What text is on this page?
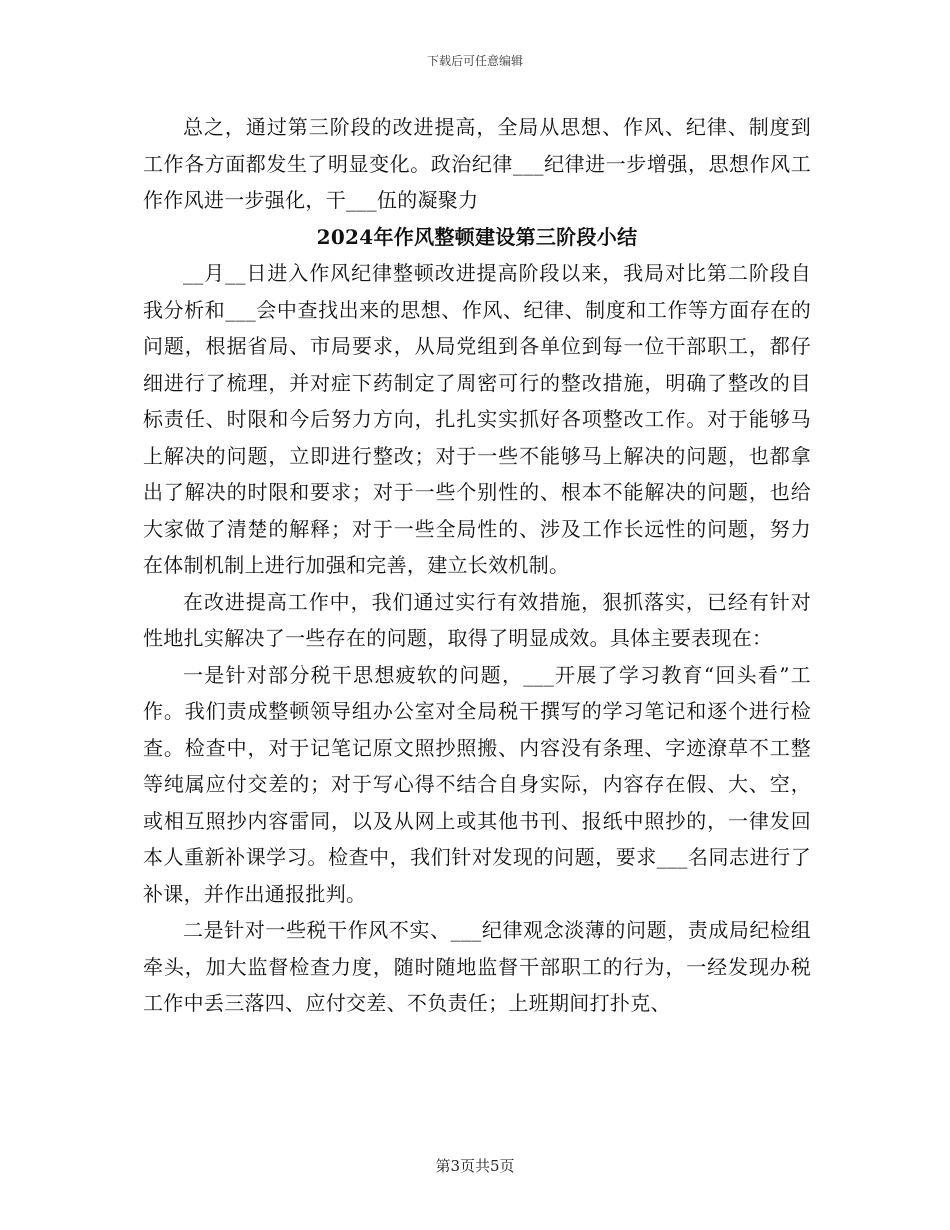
下载后可任意编辑

总之，通过第三阶段的改进提高，全局从思想、作风、纪律、制度到工作各方面都发生了明显变化。政治纪律___纪律进一步增强，思想作风工作作风进一步强化，干___伍的凝聚力

2024年作风整顿建设第三阶段小结

__月__日进入作风纪律整顿改进提高阶段以来，我局对比第二阶段自我分析和___会中查找出来的思想、作风、纪律、制度和工作等方面存在的问题，根据省局、市局要求，从局党组到各单位到每一位干部职工，都仔细进行了梳理，并对症下药制定了周密可行的整改措施，明确了整改的目标责任、时限和今后努力方向，扎扎实实抓好各项整改工作。对于能够马上解决的问题，立即进行整改；对于一些不能够马上解决的问题，也都拿出了解决的时限和要求；对于一些个别性的、根本不能解决的问题，也给大家做了清楚的解释；对于一些全局性的、涉及工作长远性的问题，努力在体制机制上进行加强和完善，建立长效机制。

在改进提高工作中，我们通过实行有效措施，狠抓落实，已经有针对性地扎实解决了一些存在的问题，取得了明显成效。具体主要表现在：

一是针对部分税干思想疲软的问题，___开展了学习教育“回头看”工作。我们责成整顿领导组办公室对全局税干撰写的学习笔记和逐个进行检查。检查中，对于记笔记原文照抄照搬、内容没有条理、字迹潦草不工整等纯属应付交差的；对于写心得不结合自身实际，内容存在假、大、空，或相互照抄内容雷同，以及从网上或其他书刊、报纸中照抄的，一律发回本人重新补课学习。检查中，我们针对发现的问题，要求___名同志进行了补课，并作出通报批判。

二是针对一些税干作风不实、___纪律观念淡薄的问题，责成局纪检组牵头，加大监督检查力度，随时随地监督干部职工的行为，一经发现办税工作中丢三落四、应付交差、不负责任；上班期间打扑克、

第3页共5页
